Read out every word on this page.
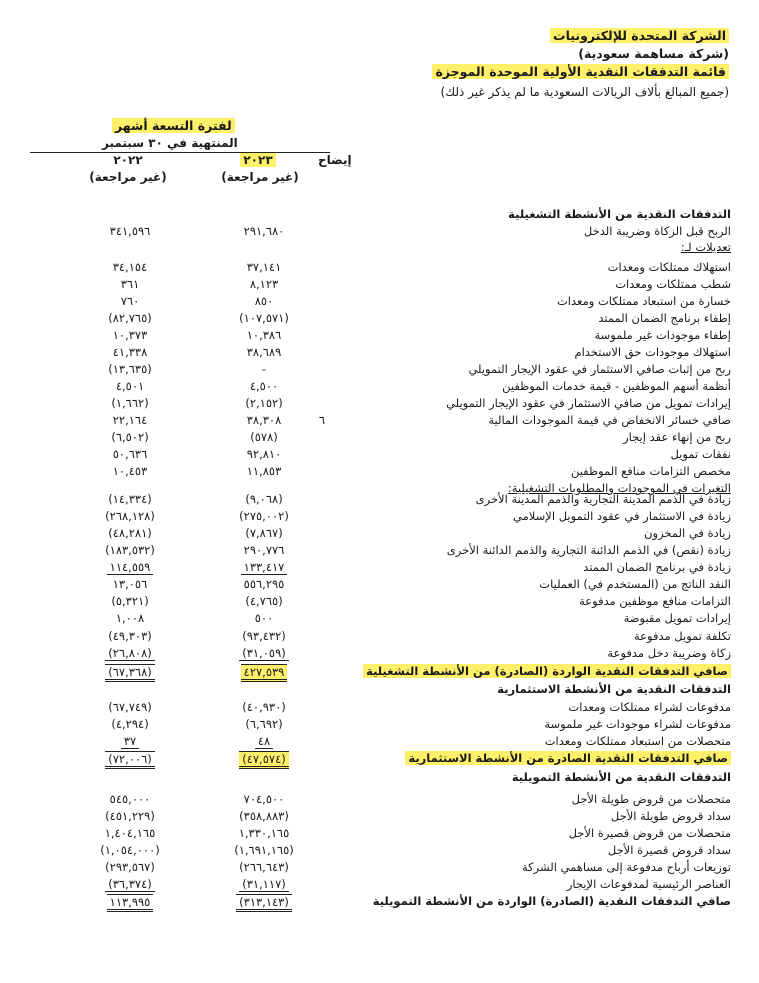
الشركة المتحدة للإلكترونيات
(شركة مساهمة سعودية)
قائمة التدفقات النقدية الأولية الموحدة الموجزة
(جميع المبالغ بألاف الريالات السعودية ما لم يذكر غير ذلك)
لفترة التسعة أشهر
المنتهية في ٣٠ سبتمبر
إيضاح
٢٠٢٣
٢٠٢٢
(غير مراجعة)
(غير مراجعة)
التدفقات النقدية من الأنشطة التشغيلية
الربح قبل الزكاة وضريبة الدخل
٢٩١,٦٨٠
٣٤١,٥٩٦
تعديلات لـ:
استهلاك ممتلكات ومعدات
٣٧,١٤١
٣٤,١٥٤
شطب ممتلكات ومعدات
٨,١٢٣
٣٦١
خسارة من استبعاد ممتلكات ومعدات
٨٥٠
٧٦٠
إطفاء برنامج الضمان الممتد
(١٠٧,٥٧١)
(٨٢,٧٦٥)
إطفاء موجودات غير ملموسة
١٠,٣٨٦
١٠,٣٧٣
استهلاك موجودات حق الاستخدام
٣٨,٦٨٩
٤١,٣٣٨
ربح من إثبات صافي الاستثمار في عقود الإيجار التمويلي
-
(١٣,٦٣٥)
أنظمة أسهم الموظفين - قيمة خدمات الموظفين
٤,٥٠٠
٤,٥٠١
إيرادات تمويل من صافي الاستثمار في عقود الإيجار التمويلي
(٢,١٥٢)
(١,٦٦٢)
صافي خسائر الانخفاض في قيمة الموجودات المالية
٦
٣٨,٣٠٨
٢٢,١٦٤
ربح من إنهاء عقد إيجار
(٥٧٨)
(٦,٥٠٢)
نفقات تمويل
٩٢,٨١٠
٥٠,٦٣٦
مخصص التزامات منافع الموظفين
١١,٨٥٣
١٠,٤٥٣
التغيرات في الموجودات والمطلوبات التشغيلية:
زيادة في الذمم المدينة التجارية والذمم المدينة الأخرى
(٩,٠٦٨)
(١٤,٣٣٤)
زيادة في الاستثمار في عقود التمويل الإسلامي
(٢٧٥,٠٠٢)
(٢٦٨,١٢٨)
زيادة في المخزون
(٧,٨٦٧)
(٤٨,٢٨١)
زيادة (نقص) في الذمم الدائنة التجارية والذمم الدائنة الأخرى
٢٩٠,٧٧٦
(١٨٣,٥٣٢)
زيادة في برنامج الضمان الممتد
١٣٣,٤١٧
١١٤,٥٥٩
النقد الناتج من (المستخدم في) العمليات
٥٥٦,٢٩٥
١٣,٠٥٦
التزامات منافع موظفين مدفوعة
(٤,٧٦٥)
(٥,٣٢١)
إيرادات تمويل مقبوضة
٥٠٠
١,٠٠٨
تكلفة تمويل مدفوعة
(٩٣,٤٣٢)
(٤٩,٣٠٣)
زكاة وضريبة دخل مدفوعة
(٣١,٠٥٩)
(٢٦,٨٠٨)
صافي التدفقات النقدية الواردة (الصادرة) من الأنشطة التشغيلية
٤٢٧,٥٣٩
(٦٧,٣٦٨)
التدفقات النقدية من الأنشطة الاستثمارية
مدفوعات لشراء ممتلكات ومعدات
(٤٠,٩٣٠)
(٦٧,٧٤٩)
مدفوعات لشراء موجودات غير ملموسة
(٦,٦٩٢)
(٤,٢٩٤)
متحصلات من استبعاد ممتلكات ومعدات
٤٨
٣٧
صافي التدفقات النقدية الصادرة من الأنشطة الاستثمارية
(٤٧,٥٧٤)
(٧٢,٠٠٦)
التدفقات النقدية من الأنشطة التمويلية
متحصلات من قروض طويلة الأجل
٧٠٤,٥٠٠
٥٤٥,٠٠٠
سداد قروض طويلة الأجل
(٣٥٨,٨٨٣)
(٤٥١,٢٢٩)
متحصلات من قروض قصيرة الأجل
١,٣٣٠,١٦٥
١,٤٠٤,١٦٥
سداد قروض قصيرة الأجل
(١,٦٩١,١٦٥)
(١,٠٥٤,٠٠٠)
توزيعات أرباح مدفوعة إلى مساهمي الشركة
(٢٦٦,٦٤٣)
(٢٩٣,٥٦٧)
العناصر الرئيسية لمدفوعات الإيجار
(٣١,١١٧)
(٣٦,٣٧٤)
صافي التدفقات النقدية (الصادرة) الواردة من الأنشطة التمويلية
(٣١٣,١٤٣)
١١٣,٩٩٥
